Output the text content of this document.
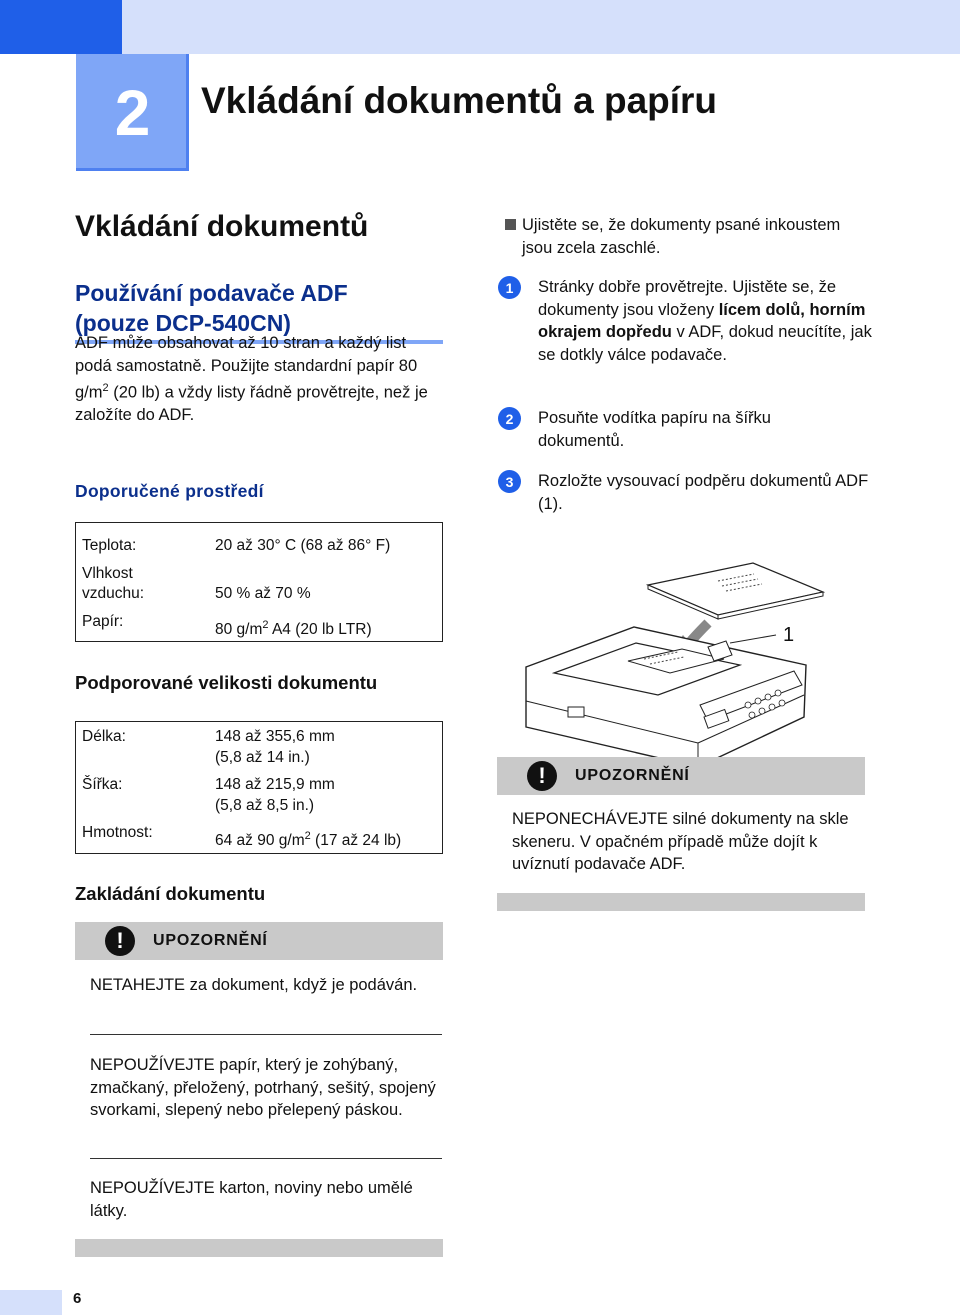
2	Vkládání dokumentů a papíru
Vkládání dokumentů
Používání podavače ADF
(pouze DCP-540CN)
ADF může obsahovat až 10 stran a každý list podá samostatně. Použijte standardní papír 80 $g/m^2$ (20 lb) a vždy listy řádně provětrejte, než je založíte do ADF.
Doporučené prostředí
Teplota:	20 až 30° C (68 až 86° F)
Vlhkost
vzduchu:	50 % až 70 %
Papír:	80 $g/m^2$ A4 (20 lb LTR)
Podporované velikosti dokumentu
Délka:	148 až 355,6 mm
(5,8 až 14 in.)
Šířka:	148 až 215,9 mm
(5,8 až 8,5 in.)
Hmotnost:	64 až 90 $g/m^2$ (17 až 24 lb)
Zakládání dokumentu
!	UPOZORNĚNÍ
NETAHEJTE za dokument, když je podáván.
NEPOUŽÍVEJTE papír, který je zohýbaný, zmačkaný, přeložený, potrhaný, sešitý, spojený svorkami, slepený nebo přelepený páskou.
NEPOUŽÍVEJTE karton, noviny nebo umělé látky.
Ujistěte se, že dokumenty psané inkoustem jsou zcela zaschlé.
1	Stránky dobře provětrejte. Ujistěte se, že dokumenty jsou vloženy lícem dolů, horním okrajem dopředu v ADF, dokud neucítíte, jak se dotkly válce podavače.
2	Posuňte vodítka papíru na šířku dokumentů.
3	Rozložte vysouvací podpěru dokumentů ADF (1).
1
!	UPOZORNĚNÍ
NEPONECHÁVEJTE silné dokumenty na skle skeneru. V opačném případě může dojít k uvíznutí podavače ADF.
6
